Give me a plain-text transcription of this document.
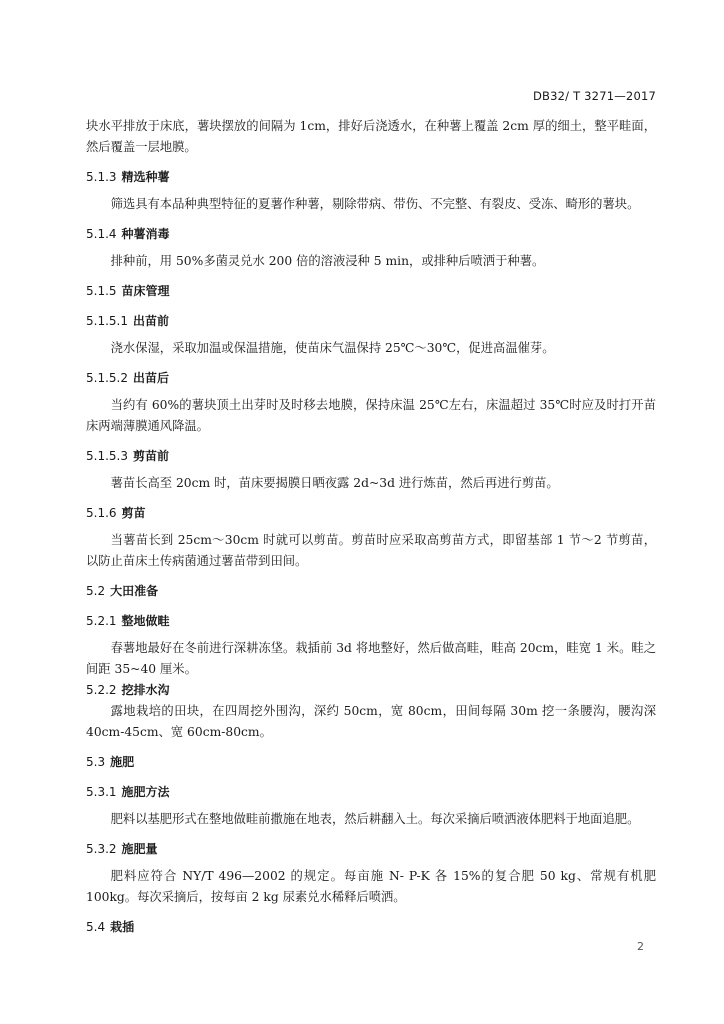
DB32/ T 3271—2017

块水平排放于床底，薯块摆放的间隔为 1cm，排好后浇透水，在种薯上覆盖 2cm 厚的细土，整平畦面，然后覆盖一层地膜。

5.1.3 精选种薯

筛选具有本品种典型特征的夏薯作种薯，剔除带病、带伤、不完整、有裂皮、受冻、畸形的薯块。

5.1.4 种薯消毒

排种前，用 50%多菌灵兑水 200 倍的溶液浸种 5 min，或排种后喷洒于种薯。

5.1.5 苗床管理
5.1.5.1 出苗前

浇水保湿，采取加温或保温措施，使苗床气温保持 25℃～30℃，促进高温催芽。

5.1.5.2 出苗后

当约有 60%的薯块顶土出芽时及时移去地膜，保持床温 25℃左右，床温超过 35℃时应及时打开苗床两端薄膜通风降温。

5.1.5.3 剪苗前

薯苗长高至 20cm 时，苗床要揭膜日晒夜露 2d~3d 进行炼苗，然后再进行剪苗。

5.1.6 剪苗

当薯苗长到 25cm～30cm 时就可以剪苗。剪苗时应采取高剪苗方式，即留基部 1 节～2 节剪苗，以防止苗床土传病菌通过薯苗带到田间。

5.2 大田准备
5.2.1 整地做畦

春薯地最好在冬前进行深耕冻垡。栽插前 3d 将地整好，然后做高畦，畦高 20cm，畦宽 1 米。畦之间距 35~40 厘米。

5.2.2 挖排水沟

露地栽培的田块，在四周挖外围沟，深约 50cm，宽 80cm，田间每隔 30m 挖一条腰沟，腰沟深 40cm-45cm、宽 60cm-80cm。

5.3 施肥
5.3.1 施肥方法

肥料以基肥形式在整地做畦前撒施在地表，然后耕翻入土。每次采摘后喷洒液体肥料于地面追肥。

5.3.2 施肥量

肥料应符合 NY/T 496—2002 的规定。每亩施 N- P-K 各 15%的复合肥 50 kg、常规有机肥 100kg。每次采摘后，按每亩 2 kg 尿素兑水稀释后喷洒。

5.4 栽插
2
